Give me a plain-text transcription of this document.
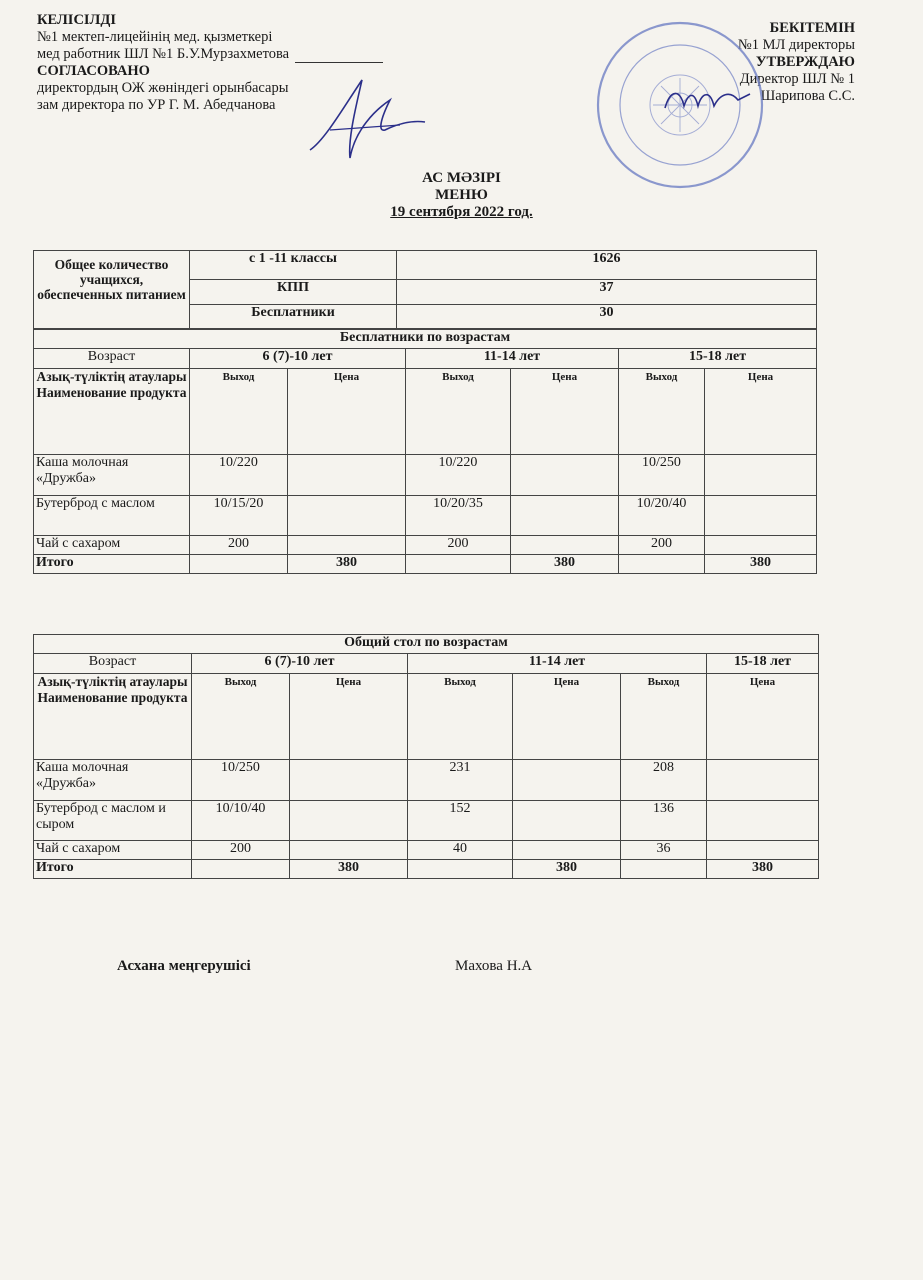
КЕЛІСІЛДІ
№1 мектеп-лицейінің мед. қызметкері
мед работник ШЛ №1 Б.У.Мурзахметова
СОГЛАСОВАНО
директордың ОЖ жөніндегі орынбасары
зам директора по УР Г. М. Абедчанова
БЕКІТЕМІН
№1 МЛ директоры
УТВЕРЖДАЮ
Директор ШЛ № 1
Шарипова С.С.
АС МӘЗІРІ
МЕНЮ
19 сентября 2022 год.
Общее количество учащихся, обеспеченных питанием	с 1 -11 классы	1626
	КПП	37
	Бесплатники	30
Бесплатники по возрастам						
Возраст	6 (7)-10 лет		11-14 лет		15-18 лет	
Азық-түліктің атаулары Наименование продукта	Выход	Цена	Выход	Цена	Выход	Цена
Каша молочная «Дружба»	10/220		10/220		10/250	
Бутерброд с маслом	10/15/20		10/20/35		10/20/40	
Чай с сахаром	200		200		200	
Итого		380		380		380
Общий стол по возрастам						
Возраст	6 (7)-10 лет		11-14 лет			15-18 лет
Азық-түліктің атаулары Наименование продукта	Выход	Цена	Выход	Цена	Выход	Цена
Каша молочная «Дружба»	10/250		231		208	
Бутерброд с маслом и сыром	10/10/40		152		136	
Чай с сахаром	200		40		36	
Итого		380		380		380
Асхана меңгерушісі	Махова Н.А
